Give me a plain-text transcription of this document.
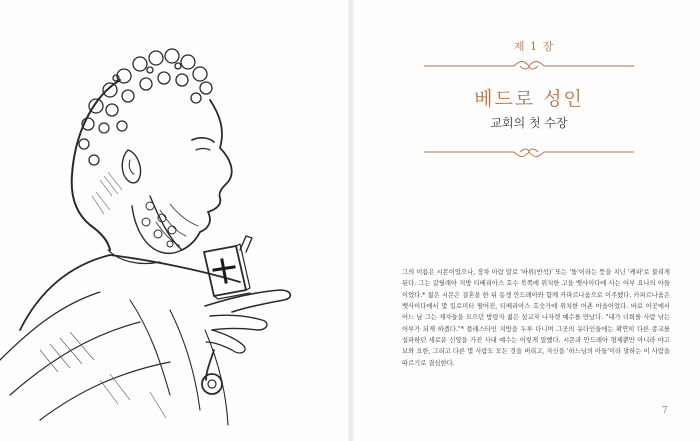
제 1 장
베드로 성인
교회의 첫 수장

그의 이름은 시몬이었으나, 장차 아람 말로 '바위(반석)' 또는 '돌'이라는 뜻을 지닌 '케파'로 불리게 된다. 그는 갈릴래아 지방 티베리아스 호수 북쪽에 위치한 고을 벳사이다에 사는 어부 요나의 아들이었다.* 젊은 시몬은 결혼을 한 뒤 동생 안드레아와 함께 카파르나움으로 이주했다. 카파르나움은 벳사이다에서 몇 킬로미터 떨어진, 티베리아스 호숫가에 위치한 어촌 마을이었다. 바로 이곳에서 어느 날 그는 제자들을 모으던 방랑자 젊은 설교자 나자렛 예수를 만났다. "내가 너희를 사람 낚는 어부가 되게 하겠다."* 플레스타인 지방을 두루 다니며 그곳의 유다인들에는 확연히 다른 종교를 설파하던 새로운 신앙을 가진 사내 예수는 이렇게 말했다. 시몬과 안드레아 형제뿐만 아니라 야고보와 요한, 그리고 다른 몇 사람도 모든 것을 버리고, 자신을 '하느님의 아들'이라 말하는 이 사람을 따르기로 결심한다.

7
